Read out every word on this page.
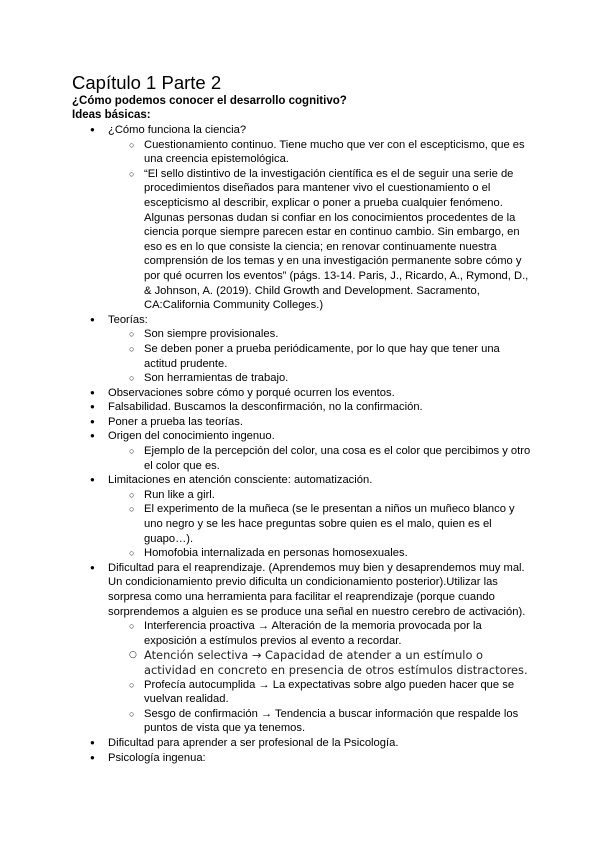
Capítulo 1 Parte 2
¿Cómo podemos conocer el desarrollo cognitivo?
Ideas básicas:
● ¿Cómo funciona la ciencia?
○ Cuestionamiento continuo. Tiene mucho que ver con el escepticismo, que es una creencia epistemológica.
○ “El sello distintivo de la investigación científica es el de seguir una serie de procedimientos diseñados para mantener vivo el cuestionamiento o el escepticismo al describir, explicar o poner a prueba cualquier fenómeno. Algunas personas dudan si confiar en los conocimientos procedentes de la ciencia porque siempre parecen estar en continuo cambio. Sin embargo, en eso es en lo que consiste la ciencia; en renovar continuamente nuestra comprensión de los temas y en una investigación permanente sobre cómo y por qué ocurren los eventos” (págs. 13-14. Paris, J., Ricardo, A., Rymond, D., & Johnson, A. (2019). Child Growth and Development. Sacramento, CA:California Community Colleges.)
● Teorías:
○ Son siempre provisionales.
○ Se deben poner a prueba periódicamente, por lo que hay que tener una actitud prudente.
○ Son herramientas de trabajo.
● Observaciones sobre cómo y porqué ocurren los eventos.
● Falsabilidad. Buscamos la desconfirmación, no la confirmación.
● Poner a prueba las teorías.
● Origen del conocimiento ingenuo.
○ Ejemplo de la percepción del color, una cosa es el color que percibimos y otro el color que es.
● Limitaciones en atención consciente: automatización.
○ Run like a girl.
○ El experimento de la muñeca (se le presentan a niños un muñeco blanco y uno negro y se les hace preguntas sobre quien es el malo, quien es el guapo…).
○ Homofobia internalizada en personas homosexuales.
● Dificultad para el reaprendizaje. (Aprendemos muy bien y desaprendemos muy mal. Un condicionamiento previo dificulta un condicionamiento posterior).Utilizar las sorpresa como una herramienta para facilitar el reaprendizaje (porque cuando sorprendemos a alguien es se produce una señal en nuestro cerebro de activación).
○ Interferencia proactiva → Alteración de la memoria provocada por la exposición a estímulos previos al evento a recordar.
○ Atención selectiva → Capacidad de atender a un estímulo o actividad en concreto en presencia de otros estímulos distractores.
○ Profecía autocumplida → La expectativas sobre algo pueden hacer que se vuelvan realidad.
○ Sesgo de confirmación → Tendencia a buscar información que respalde los puntos de vista que ya tenemos.
● Dificultad para aprender a ser profesional de la Psicología.
● Psicología ingenua:
